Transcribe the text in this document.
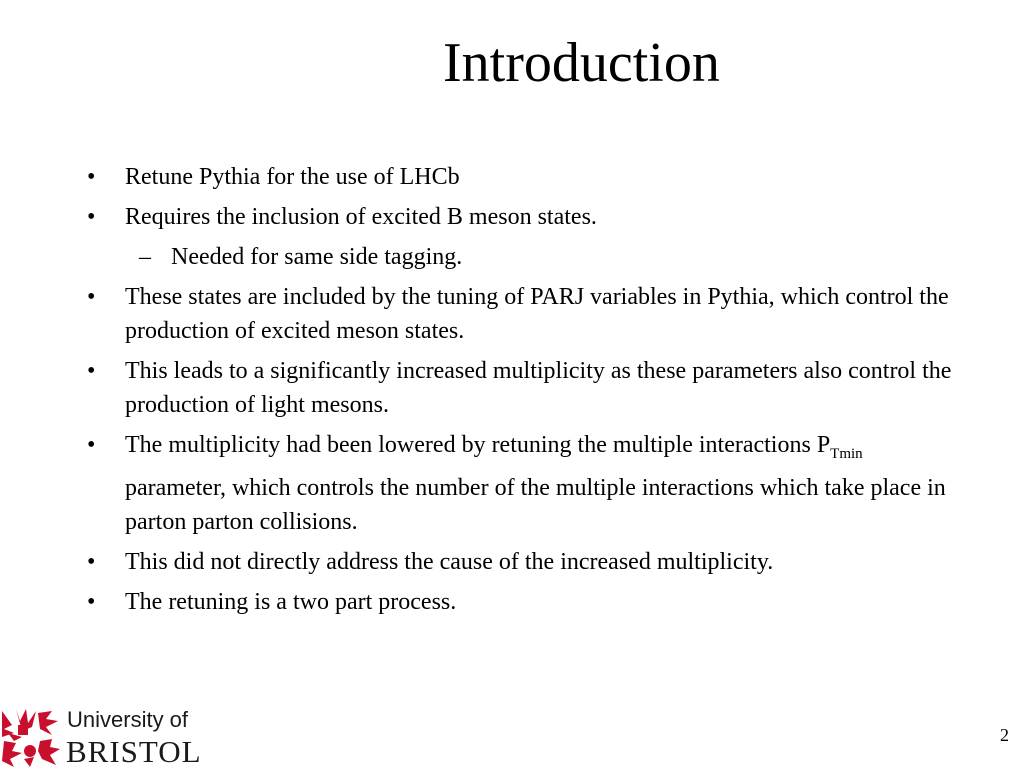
Introduction
• Retune Pythia for the use of LHCb
• Requires the inclusion of excited B meson states.
– Needed for same side tagging.
• These states are included by the tuning of PARJ variables in Pythia, which control the production of excited meson states.
• This leads to a significantly increased multiplicity as these parameters also control the production of light mesons.
• The multiplicity had been lowered by retuning the multiple interactions $P_{Tmin}$ parameter, which controls the number of the multiple interactions which take place in parton parton collisions.
• This did not directly address the cause of the increased multiplicity.
• The retuning is a two part process.
University of
BRISTOL	2
